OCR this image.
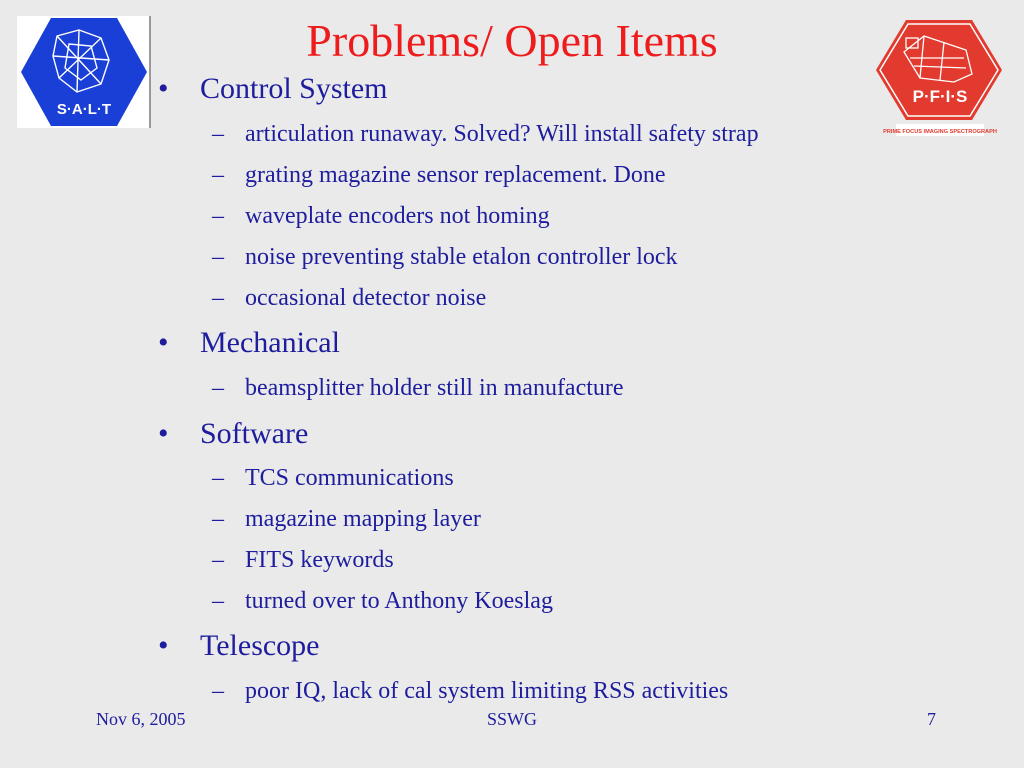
S·A·L·T
P·F·I·S
PRIME FOCUS IMAGING SPECTROGRAPH
Problems/ Open Items
• Control System
– articulation runaway. Solved? Will install safety strap
– grating magazine sensor replacement. Done
– waveplate encoders not homing
– noise preventing stable etalon controller lock
– occasional detector noise
• Mechanical
– beamsplitter holder still in manufacture
• Software
– TCS communications
– magazine mapping layer
– FITS keywords
– turned over to Anthony Koeslag
• Telescope
– poor IQ, lack of cal system limiting RSS activities
Nov 6, 2005	SSWG	7
